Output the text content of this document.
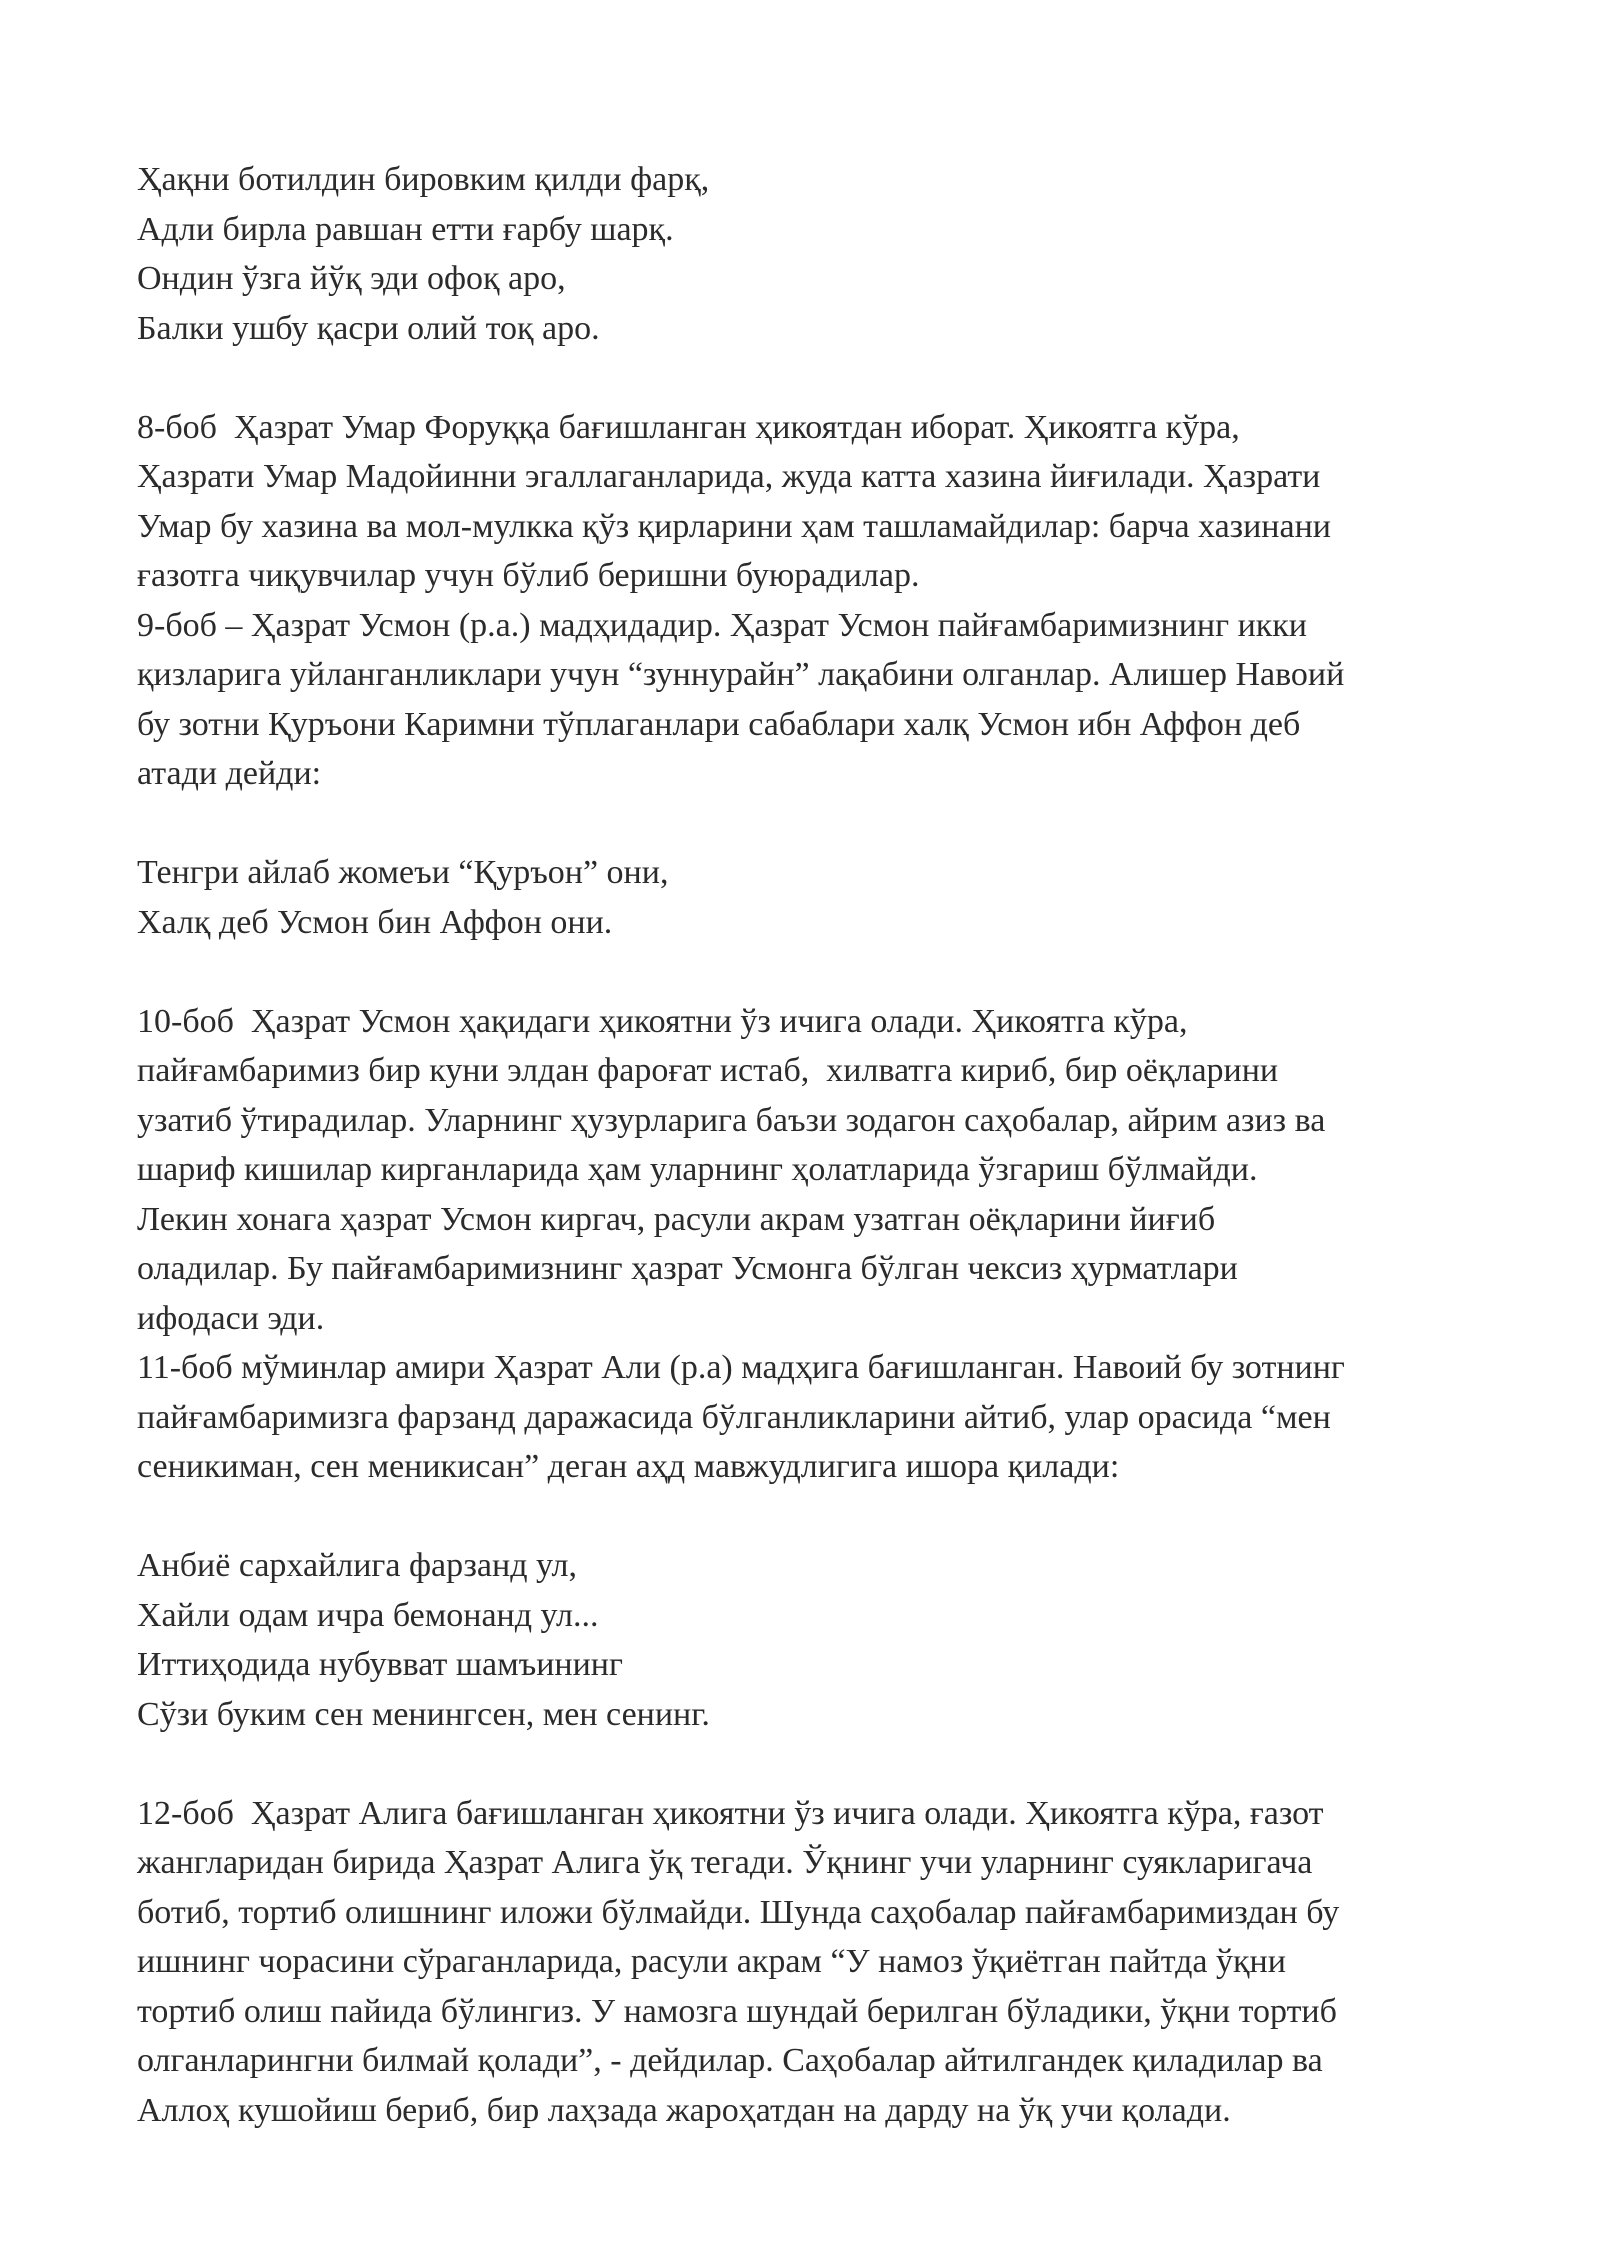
Ҳақни ботилдин бировким қилди фарқ,
Адли бирла равшан етти ғарбу шарқ.
Ондин ўзга йўқ эди офоқ аро,
Балки ушбу қасри олий тоқ аро.
8-боб  Ҳазрат Умар Форуққа бағишланган ҳикоятдан иборат. Ҳикоятга кўра,
Ҳазрати Умар Мадойинни эгаллаганларида, жуда катта хазина йиғилади. Ҳазрати
Умар бу хазина ва мол-мулкка қўз қирларини ҳам ташламайдилар: барча хазинани
ғазотга чиқувчилар учун бўлиб беришни буюрадилар.
9-боб – Ҳазрат Усмон (р.а.) мадҳидадир. Ҳазрат Усмон пайғамбаримизнинг икки
қизларига уйланганликлари учун “зуннурайн” лақабини олганлар. Алишер Навоий
бу зотни Қуръони Каримни тўплаганлари сабаблари халқ Усмон ибн Аффон деб
атади дейди:
Тенгри айлаб жомеъи “Қуръон” они,
Халқ деб Усмон бин Аффон они.
10-боб  Ҳазрат Усмон ҳақидаги ҳикоятни ўз ичига олади. Ҳикоятга кўра,
пайғамбаримиз бир куни элдан фароғат истаб,  хилватга кириб, бир оёқларини
узатиб ўтирадилар. Уларнинг ҳузурларига баъзи зодагон саҳобалар, айрим азиз ва
шариф кишилар кирганларида ҳам уларнинг ҳолатларида ўзгариш бўлмайди.
Лекин хонага ҳазрат Усмон киргач, расули акрам узатган оёқларини йиғиб
оладилар. Бу пайғамбаримизнинг ҳазрат Усмонга бўлган чексиз ҳурматлари
ифодаси эди.
11-боб мўминлар амири Ҳазрат Али (р.а) мадҳига бағишланган. Навоий бу зотнинг
пайғамбаримизга фарзанд даражасида бўлганликларини айтиб, улар орасида “мен
сеникиман, сен меникисан” деган аҳд мавжудлигига ишора қилади:
Анбиё сархайлига фарзанд ул,
Хайли одам ичра бемонанд ул...
Иттиҳодида нубувват шамъининг
Сўзи буким сен менингсен, мен сенинг.
12-боб  Ҳазрат Алига бағишланган ҳикоятни ўз ичига олади. Ҳикоятга кўра, ғазот
жангларидан бирида Ҳазрат Алига ўқ тегади. Ўқнинг учи уларнинг суякларигача
ботиб, тортиб олишнинг иложи бўлмайди. Шунда саҳобалар пайғамбаримиздан бу
ишнинг чорасини сўраганларида, расули акрам “У намоз ўқиётган пайтда ўқни
тортиб олиш пайида бўлингиз. У намозга шундай берилган бўладики, ўқни тортиб
олганларингни билмай қолади”, - дейдилар. Саҳобалар айтилгандек қиладилар ва
Аллоҳ кушойиш бериб, бир лаҳзада жароҳатдан на дарду на ўқ учи қолади.
